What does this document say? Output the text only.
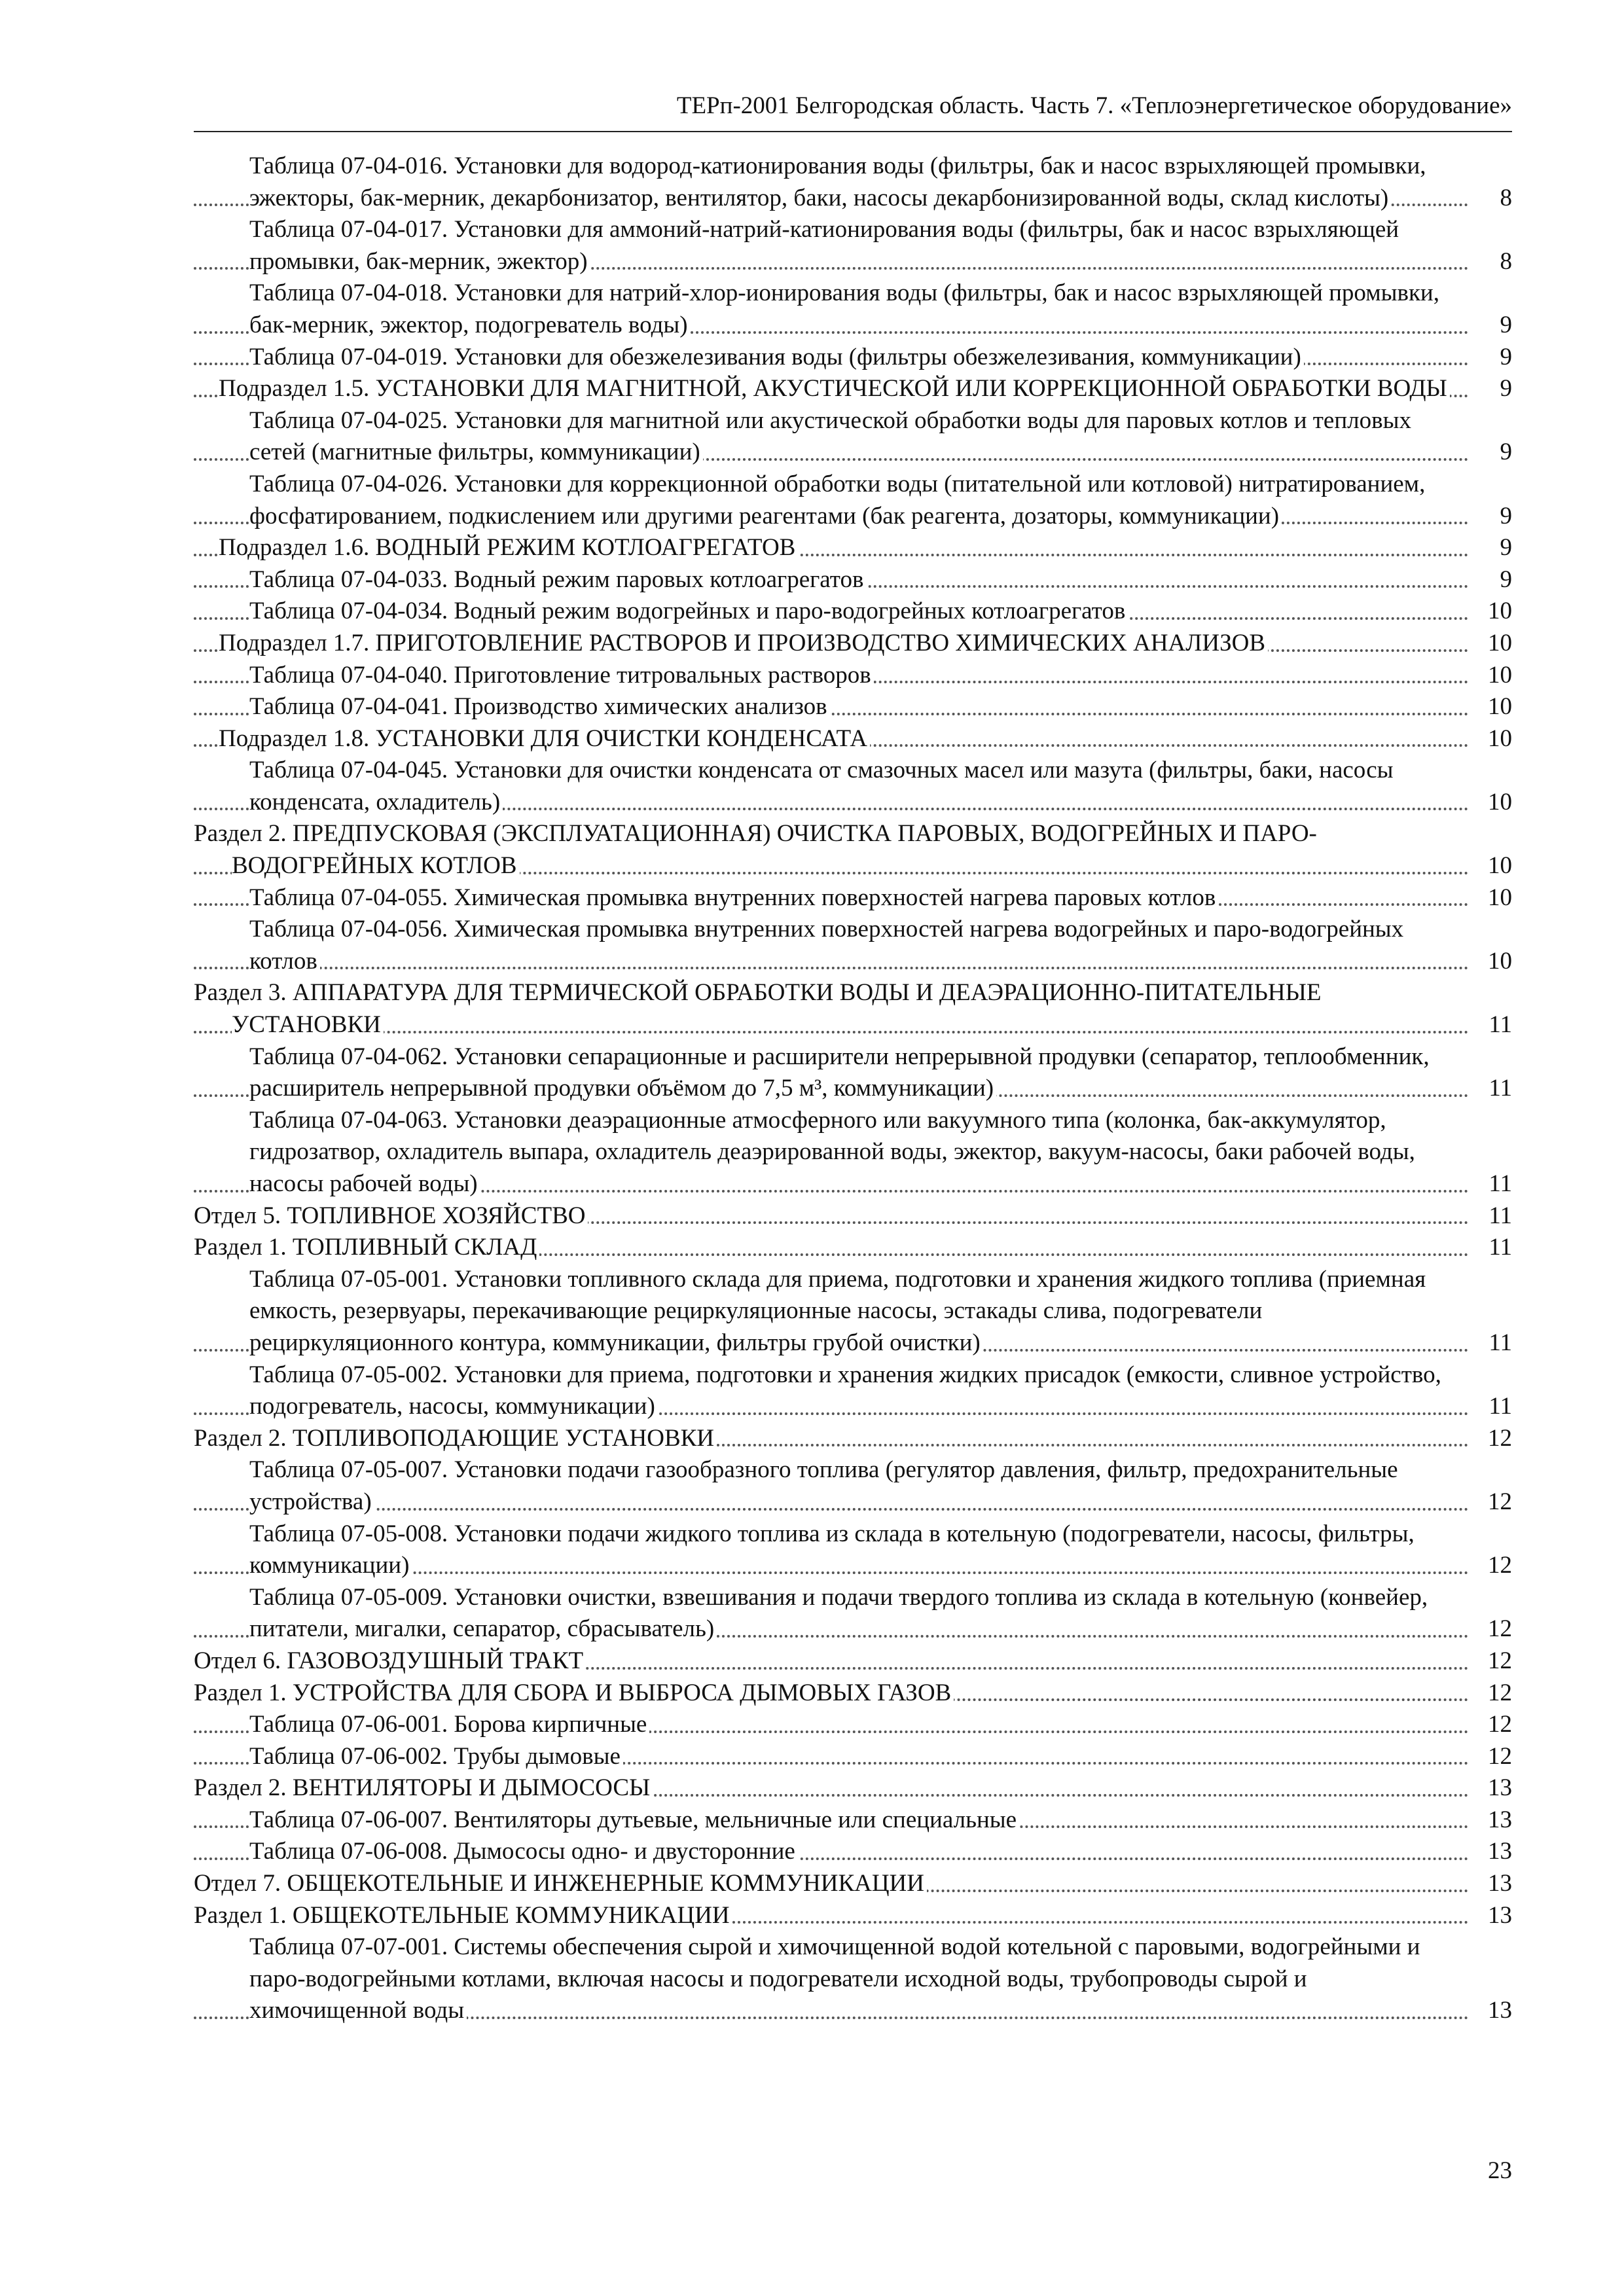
ТЕРп-2001 Белгородская область. Часть 7. «Теплоэнергетическое оборудование»
Таблица 07-04-016. Установки для водород-катионирования воды (фильтры, бак и насос взрыхляющей промывки, эжекторы, бак-мерник, декарбонизатор, вентилятор, баки, насосы декарбонизированной воды, склад кислоты)	8
Таблица 07-04-017. Установки для аммоний-натрий-катионирования воды (фильтры, бак и насос взрыхляющей промывки, бак-мерник, эжектор)	8
Таблица 07-04-018. Установки для натрий-хлор-ионирования воды (фильтры, бак и насос взрыхляющей промывки, бак-мерник, эжектор, подогреватель воды)	9
Таблица 07-04-019. Установки для обезжелезивания воды (фильтры обезжелезивания, коммуникации)	9
Подраздел 1.5. УСТАНОВКИ ДЛЯ МАГНИТНОЙ, АКУСТИЧЕСКОЙ ИЛИ КОРРЕКЦИОННОЙ ОБРАБОТКИ ВОДЫ	9
Таблица 07-04-025. Установки для магнитной или акустической обработки воды для паровых котлов и тепловых сетей (магнитные фильтры, коммуникации)	9
Таблица 07-04-026. Установки для коррекционной обработки воды (питательной или котловой) нитратированием, фосфатированием, подкислением или другими реагентами (бак реагента, дозаторы, коммуникации)	9
Подраздел 1.6. ВОДНЫЙ РЕЖИМ КОТЛОАГРЕГАТОВ	9
Таблица 07-04-033. Водный режим паровых котлоагрегатов	9
Таблица 07-04-034. Водный режим водогрейных и паро-водогрейных котлоагрегатов	10
Подраздел 1.7. ПРИГОТОВЛЕНИЕ РАСТВОРОВ И ПРОИЗВОДСТВО ХИМИЧЕСКИХ АНАЛИЗОВ	10
Таблица 07-04-040. Приготовление титровальных растворов	10
Таблица 07-04-041. Производство химических анализов	10
Подраздел 1.8. УСТАНОВКИ ДЛЯ ОЧИСТКИ КОНДЕНСАТА	10
Таблица 07-04-045. Установки для очистки конденсата от смазочных масел или мазута (фильтры, баки, насосы конденсата, охладитель)	10
Раздел 2. ПРЕДПУСКОВАЯ (ЭКСПЛУАТАЦИОННАЯ) ОЧИСТКА ПАРОВЫХ, ВОДОГРЕЙНЫХ И ПАРО-ВОДОГРЕЙНЫХ КОТЛОВ	10
Таблица 07-04-055. Химическая промывка внутренних поверхностей нагрева паровых котлов	10
Таблица 07-04-056. Химическая промывка внутренних поверхностей нагрева водогрейных и паро-водогрейных котлов	10
Раздел 3. АППАРАТУРА ДЛЯ ТЕРМИЧЕСКОЙ ОБРАБОТКИ ВОДЫ И ДЕАЭРАЦИОННО-ПИТАТЕЛЬНЫЕ УСТАНОВКИ	11
Таблица 07-04-062. Установки сепарационные и расширители непрерывной продувки (сепаратор, теплообменник, расширитель непрерывной продувки объёмом до 7,5 м³, коммуникации)	11
Таблица 07-04-063. Установки деаэрационные атмосферного или вакуумного типа (колонка, бак-аккумулятор, гидрозатвор, охладитель выпара, охладитель деаэрированной воды, эжектор, вакуум-насосы, баки рабочей воды, насосы рабочей воды)	11
Отдел 5. ТОПЛИВНОЕ ХОЗЯЙСТВО	11
Раздел 1. ТОПЛИВНЫЙ СКЛАД	11
Таблица 07-05-001. Установки топливного склада для приема, подготовки и хранения жидкого топлива (приемная емкость, резервуары, перекачивающие рециркуляционные насосы, эстакады слива, подогреватели рециркуляционного контура, коммуникации, фильтры грубой очистки)	11
Таблица 07-05-002. Установки для приема, подготовки и хранения жидких присадок (емкости, сливное устройство, подогреватель, насосы, коммуникации)	11
Раздел 2. ТОПЛИВОПОДАЮЩИЕ УСТАНОВКИ	12
Таблица 07-05-007. Установки подачи газообразного топлива (регулятор давления, фильтр, предохранительные устройства)	12
Таблица 07-05-008. Установки подачи жидкого топлива из склада в котельную (подогреватели, насосы, фильтры, коммуникации)	12
Таблица 07-05-009. Установки очистки, взвешивания и подачи твердого топлива из склада в котельную (конвейер, питатели, мигалки, сепаратор, сбрасыватель)	12
Отдел 6. ГАЗОВОЗДУШНЫЙ ТРАКТ	12
Раздел 1. УСТРОЙСТВА ДЛЯ СБОРА И ВЫБРОСА ДЫМОВЫХ ГАЗОВ	12
Таблица 07-06-001. Борова кирпичные	12
Таблица 07-06-002. Трубы дымовые	12
Раздел 2. ВЕНТИЛЯТОРЫ И ДЫМОСОСЫ	13
Таблица 07-06-007. Вентиляторы дутьевые, мельничные или специальные	13
Таблица 07-06-008. Дымососы одно- и двусторонние	13
Отдел 7. ОБЩЕКОТЕЛЬНЫЕ И ИНЖЕНЕРНЫЕ КОММУНИКАЦИИ	13
Раздел 1. ОБЩЕКОТЕЛЬНЫЕ КОММУНИКАЦИИ	13
Таблица 07-07-001. Системы обеспечения сырой и химочищенной водой котельной с паровыми, водогрейными и паро-водогрейными котлами, включая насосы и подогреватели исходной воды, трубопроводы сырой и химочищенной воды	13
23
